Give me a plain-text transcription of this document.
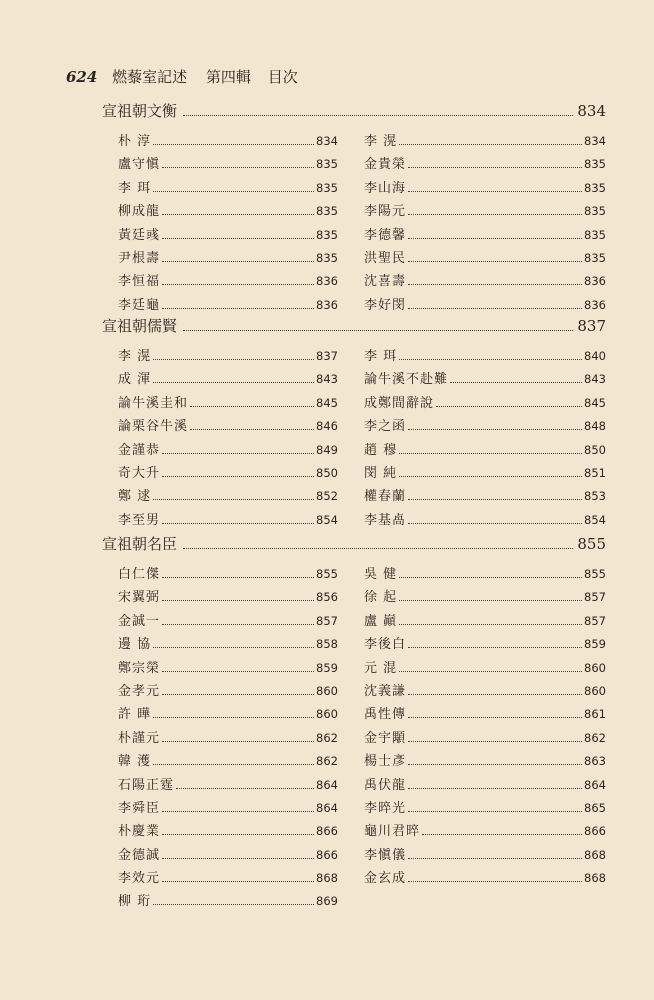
624 燃藜室記述 第四輯 目次
宣祖朝文衡	834
朴 淳	834
盧守愼	835
李 珥	835
柳成龍	835
黃廷彧	835
尹根壽	835
李恒福	836
李廷龜	836
李 滉	834
金貴榮	835
李山海	835
李陽元	835
李德馨	835
洪聖民	835
沈喜壽	836
李好閔	836
宣祖朝儒賢	837
李 滉	837
成 渾	843
論牛溪圭和	845
論栗谷牛溪	846
金謹恭	849
奇大升	850
鄭 逑	852
李至男	854
李 珥	840
論牛溪不赴難	843
成鄭間辭說	845
李之函	848
趙 穆	850
閔 純	851
權春蘭	853
李基卨	854
宣祖朝名臣	855
白仁傑	855
宋翼弼	856
金誠一	857
邊 協	858
鄭宗榮	859
金孝元	860
許 曄	860
朴謹元	862
韓 濩	862
石陽正霆	864
李舜臣	864
朴慶業	866
金德誠	866
李效元	868
柳 珩	869
吳 健	855
徐 起	857
盧 巓	857
李後白	859
元 混	860
沈義謙	860
禹性傳	861
金宇顒	862
楊士彥	863
禹伏龍	864
李晬光	865
龜川君晬	866
李愼儀	868
金玄成	868
